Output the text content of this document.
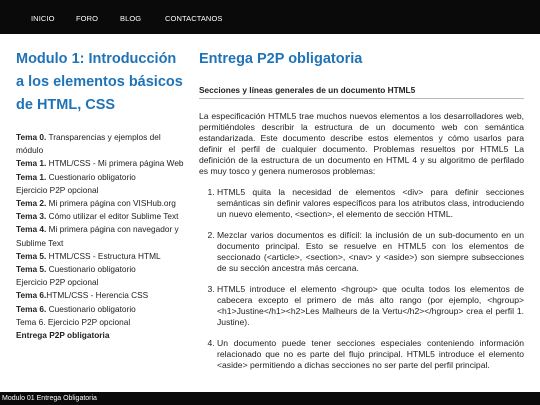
INICIO	FORO	BLOG	CONTACTANOS
Modulo 1: Introducción a los elementos básicos de HTML, CSS
Tema 0. Transparencias y ejemplos del módulo
Tema 1. HTML/CSS - Mi primera página Web
Tema 1. Cuestionario obligatorio
Ejercicio P2P opcional
Tema 2. Mi primera página con VISHub.org
Tema 3. Cómo utilizar el editor Sublime Text
Tema 4. Mi primera página con navegador y Sublime Text
Tema 5. HTML/CSS - Estructura HTML
Tema 5. Cuestionario obligatorio
Ejercicio P2P opcional
Tema 6.HTML/CSS - Herencia CSS
Tema 6. Cuestionario obligatorio
Tema 6. Ejercicio P2P opcional
Entrega P2P obligatoria
Entrega P2P obligatoria
Secciones y líneas generales de un documento HTML5

La especificación HTML5 trae muchos nuevos elementos a los desarrolladores web, permitiéndoles describir la estructura de un documento web con semántica estandarizada. Este documento describe estos elementos y cómo usarlos para definir el perfil de cualquier documento. Problemas resueltos por HTML5 La definición de la estructura de un documento en HTML 4 y su algoritmo de perfilado es muy tosco y genera numerosos problemas:

1. HTML5 quita la necesidad de elementos <div> para definir secciones semánticas sin definir valores específicos para los atributos class, introduciendo un nuevo elemento, <section>, el elemento de sección HTML.
2. Mezclar varios documentos es difícil: la inclusión de un sub-documento en un documento principal. Esto se resuelve en HTML5 con los elementos de seccionado (<article>, <section>, <nav> y <aside>) son siempre subsecciones de su sección ancestra más cercana.
3. HTML5 introduce el elemento <hgroup> que oculta todos los elementos de cabecera excepto el primero de más alto rango (por ejemplo, <hgroup><h1>Justine</h1><h2>Les Malheurs de la Vertu</h2></hgroup> crea el perfil 1. Justine).
4. Un documento puede tener secciones especiales conteniendo información relacionado que no es parte del flujo principal. HTML5 introduce el elemento <aside> permitiendo a dichas secciones no ser parte del perfil principal.
Modulo 01 Entrega Obligatoria
